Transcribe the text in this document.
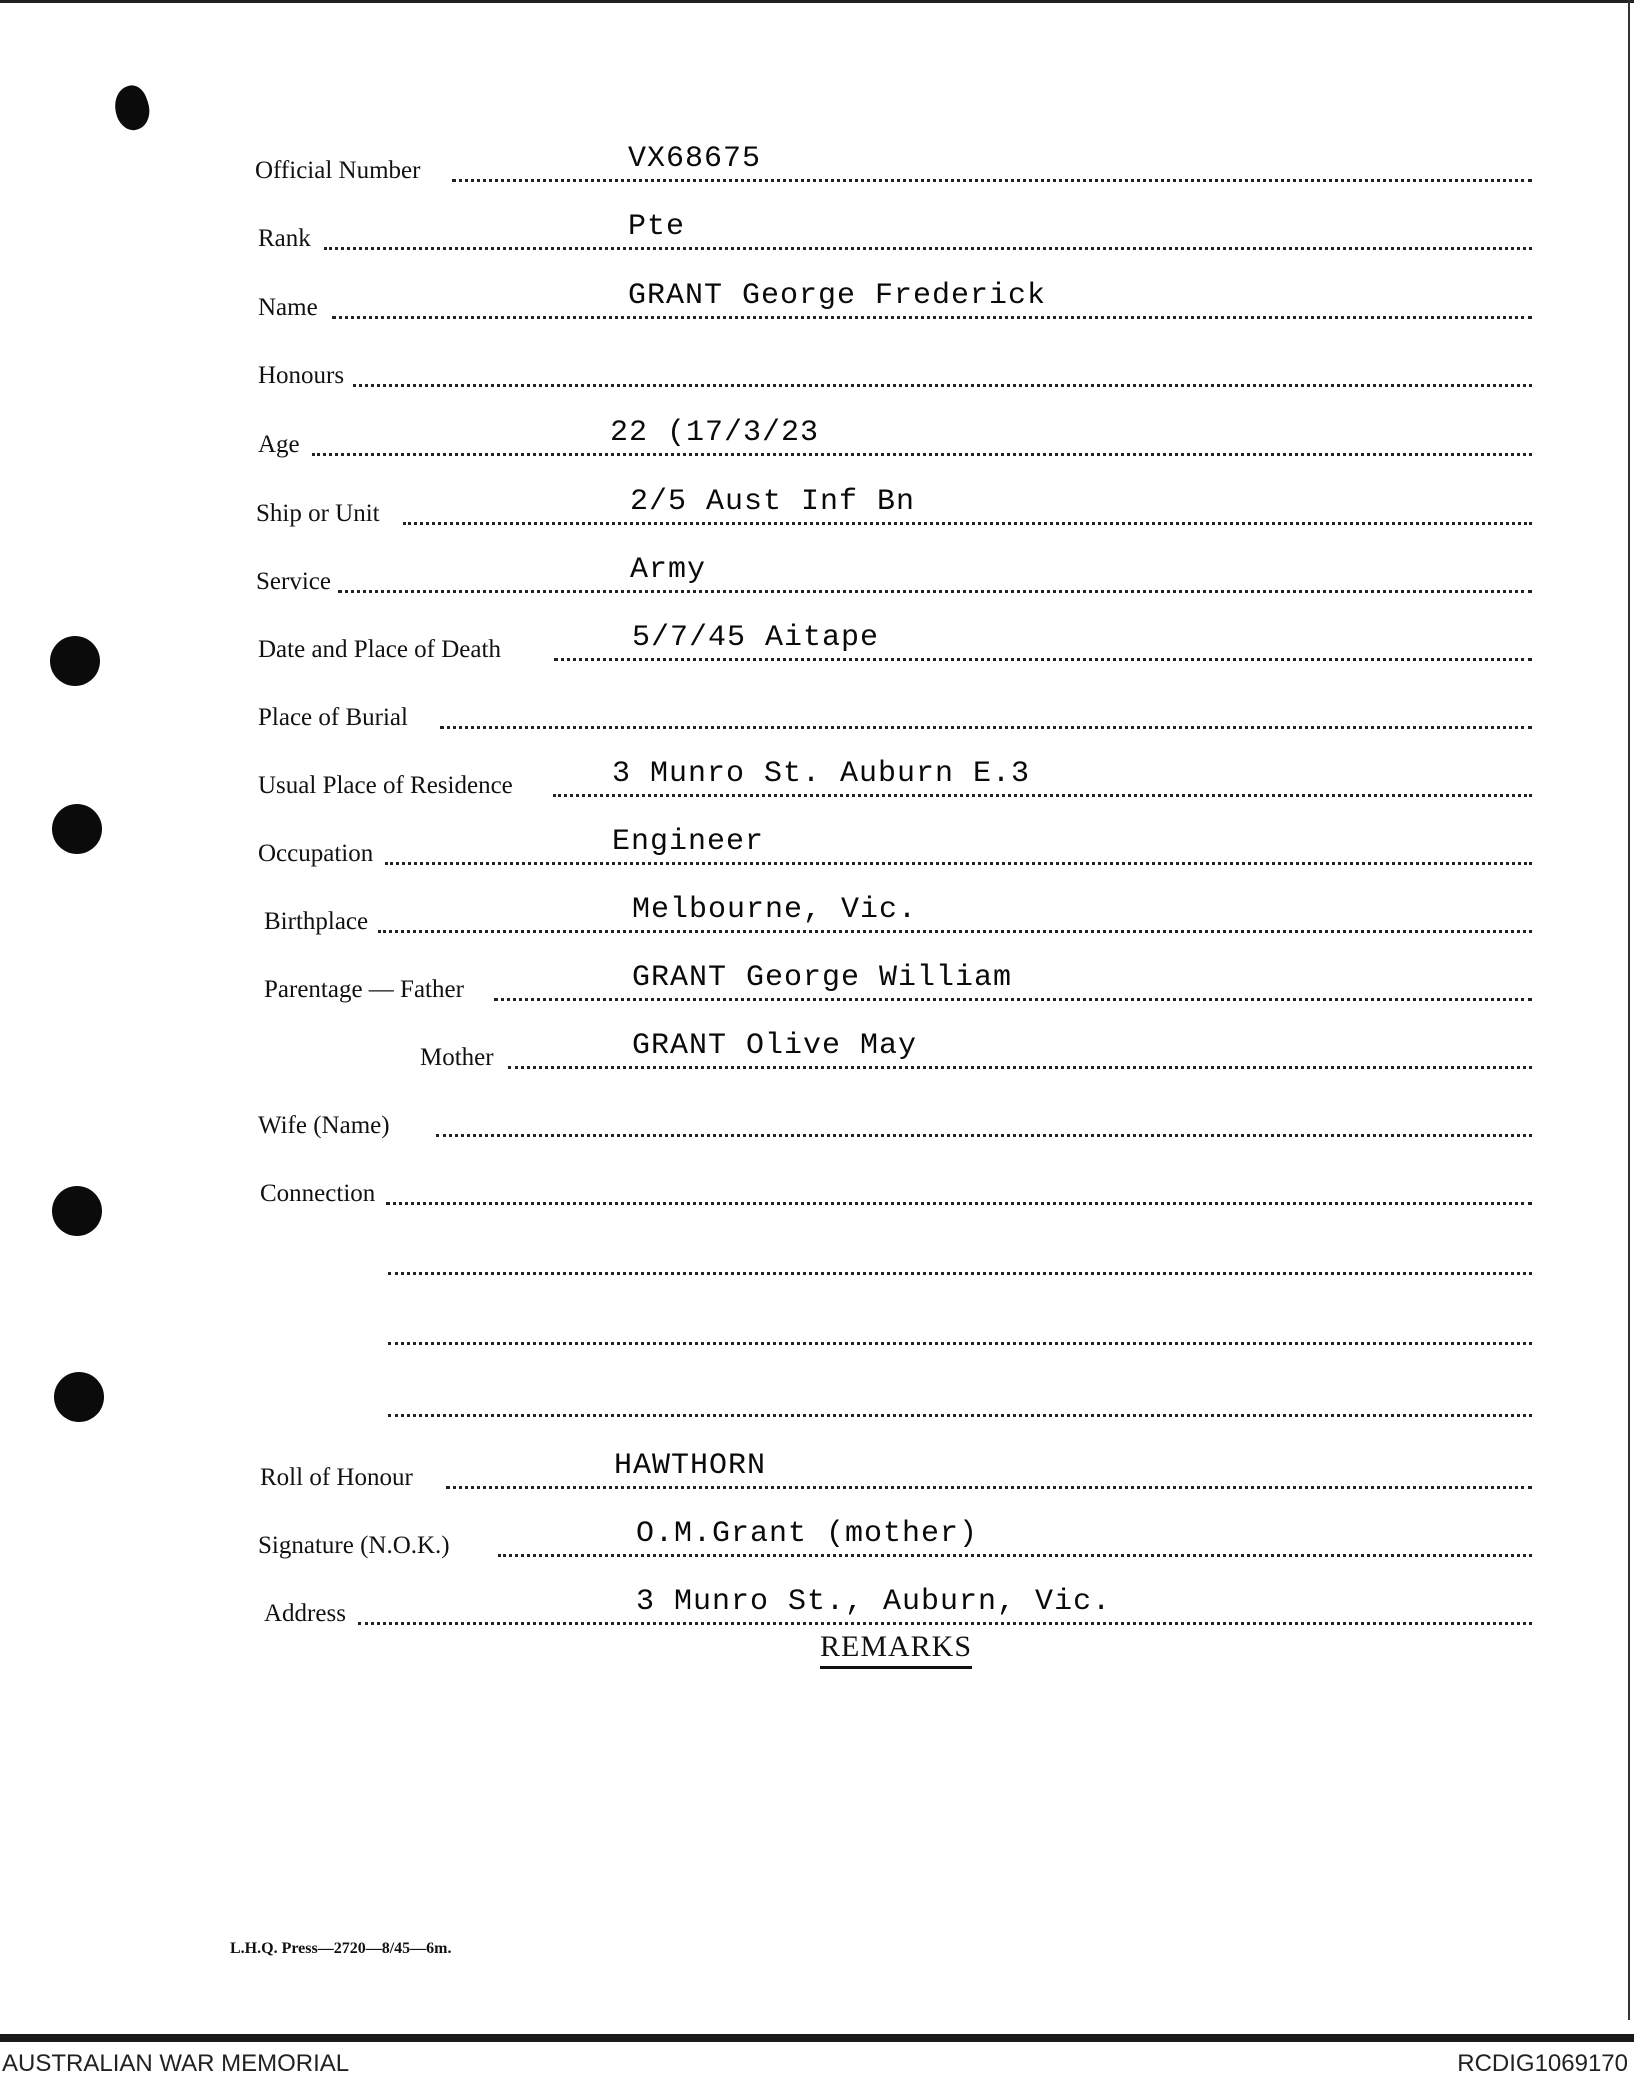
Official Number	VX68675
Rank	Pte
Name	GRANT George Frederick
Honours
Age	22 (17/3/23
Ship or Unit	2/5 Aust Inf Bn
Service	Army
Date and Place of Death	5/7/45 Aitape
Place of Burial
Usual Place of Residence	3 Munro St. Auburn E.3
Occupation	Engineer
Birthplace	Melbourne, Vic.
Parentage — Father	GRANT George William
Mother	GRANT Olive May
Wife (Name)
Connection
Roll of Honour	HAWTHORN
Signature (N.O.K.)	O.M.Grant (mother)
Address	3 Munro St., Auburn, Vic.
REMARKS
L.H.Q. Press—2720—8/45—6m.
AUSTRALIAN WAR MEMORIAL	RCDIG1069170
